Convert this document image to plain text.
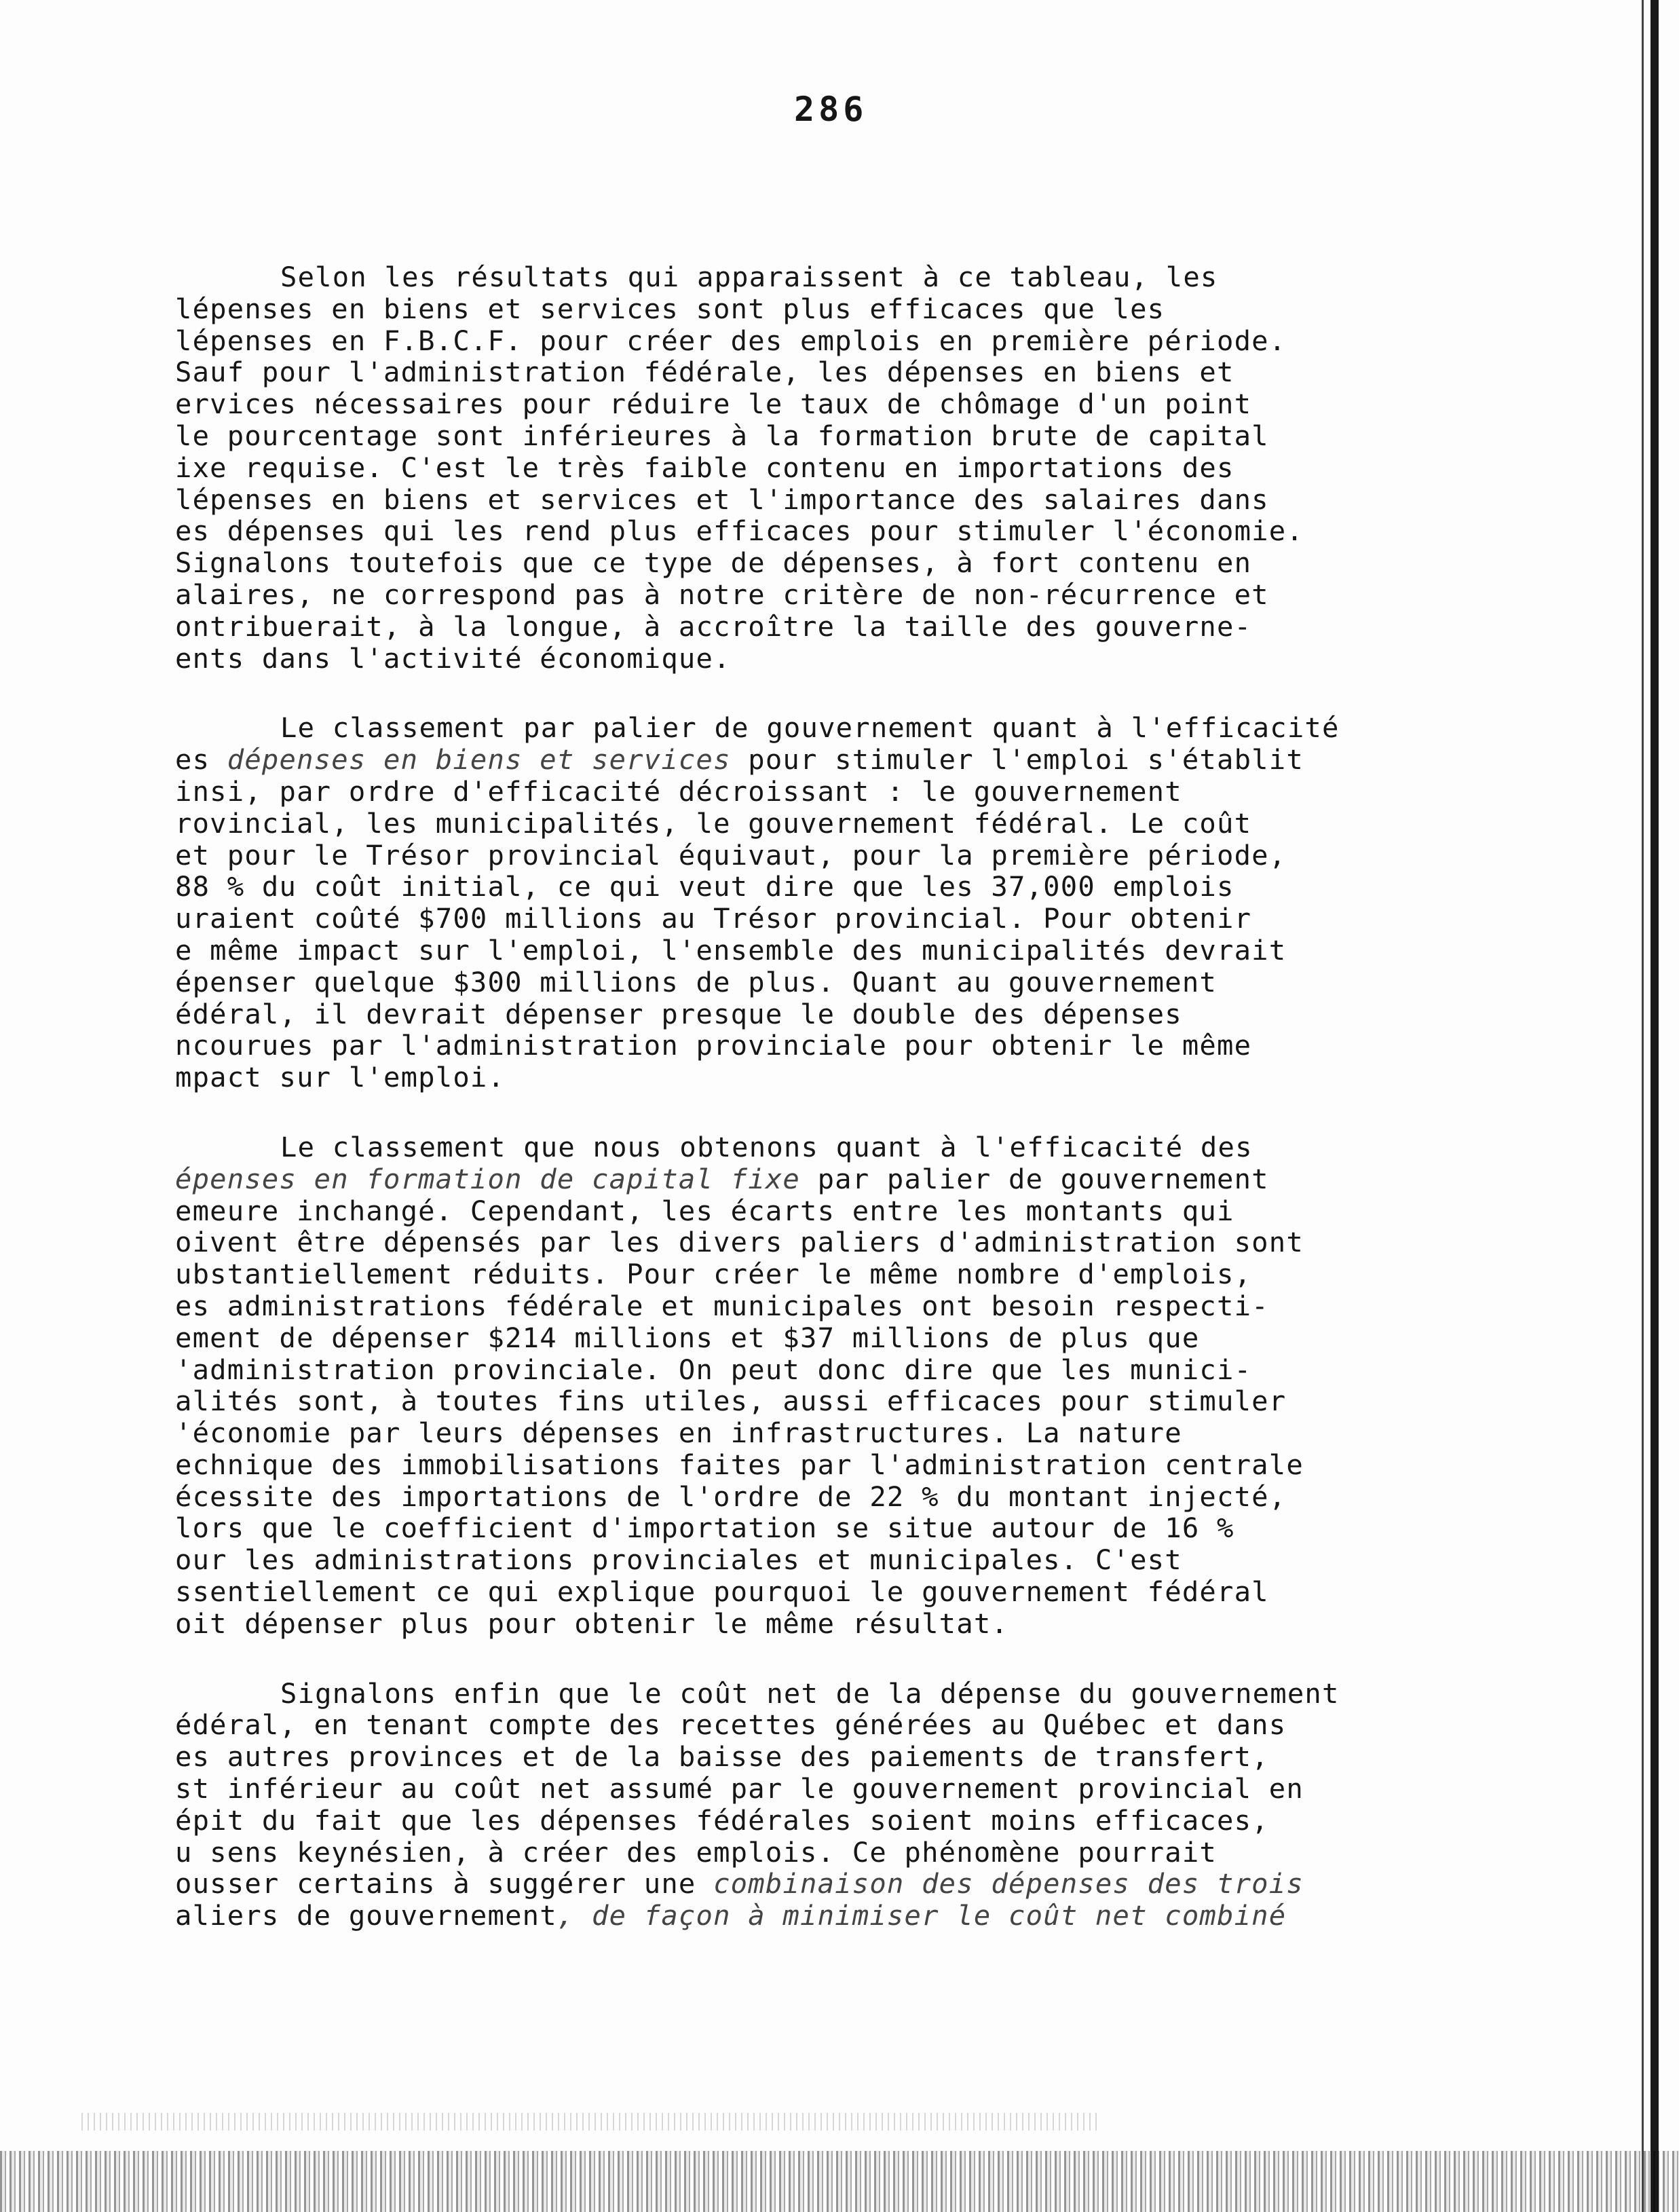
286
Selon les résultats qui apparaissent à ce tableau, les
lépenses en biens et services sont plus efficaces que les
lépenses en F.B.C.F. pour créer des emplois en première période.
Sauf pour l'administration fédérale, les dépenses en biens et
ervices nécessaires pour réduire le taux de chômage d'un point
le pourcentage sont inférieures à la formation brute de capital
ixe requise. C'est le très faible contenu en importations des
lépenses en biens et services et l'importance des salaires dans
es dépenses qui les rend plus efficaces pour stimuler l'économie.
Signalons toutefois que ce type de dépenses, à fort contenu en
alaires, ne correspond pas à notre critère de non-récurrence et
ontribuerait, à la longue, à accroître la taille des gouverne-
ents dans l'activité économique.
Le classement par palier de gouvernement quant à l'efficacité
es dépenses en biens et services pour stimuler l'emploi s'établit
insi, par ordre d'efficacité décroissant : le gouvernement
rovincial, les municipalités, le gouvernement fédéral. Le coût
et pour le Trésor provincial équivaut, pour la première période,
88 % du coût initial, ce qui veut dire que les 37,000 emplois
uraient coûté $700 millions au Trésor provincial. Pour obtenir
e même impact sur l'emploi, l'ensemble des municipalités devrait
épenser quelque $300 millions de plus. Quant au gouvernement
édéral, il devrait dépenser presque le double des dépenses
ncourues par l'administration provinciale pour obtenir le même
mpact sur l'emploi.
Le classement que nous obtenons quant à l'efficacité des
épenses en formation de capital fixe par palier de gouvernement
emeure inchangé. Cependant, les écarts entre les montants qui
oivent être dépensés par les divers paliers d'administration sont
ubstantiellement réduits. Pour créer le même nombre d'emplois,
es administrations fédérale et municipales ont besoin respecti-
ement de dépenser $214 millions et $37 millions de plus que
'administration provinciale. On peut donc dire que les munici-
alités sont, à toutes fins utiles, aussi efficaces pour stimuler
'économie par leurs dépenses en infrastructures. La nature
echnique des immobilisations faites par l'administration centrale
écessite des importations de l'ordre de 22 % du montant injecté,
lors que le coefficient d'importation se situe autour de 16 %
our les administrations provinciales et municipales. C'est
ssentiellement ce qui explique pourquoi le gouvernement fédéral
oit dépenser plus pour obtenir le même résultat.
Signalons enfin que le coût net de la dépense du gouvernement
édéral, en tenant compte des recettes générées au Québec et dans
es autres provinces et de la baisse des paiements de transfert,
st inférieur au coût net assumé par le gouvernement provincial en
épit du fait que les dépenses fédérales soient moins efficaces,
u sens keynésien, à créer des emplois. Ce phénomène pourrait
ousser certains à suggérer une combinaison des dépenses des trois
aliers de gouvernement, de façon à minimiser le coût net combiné
